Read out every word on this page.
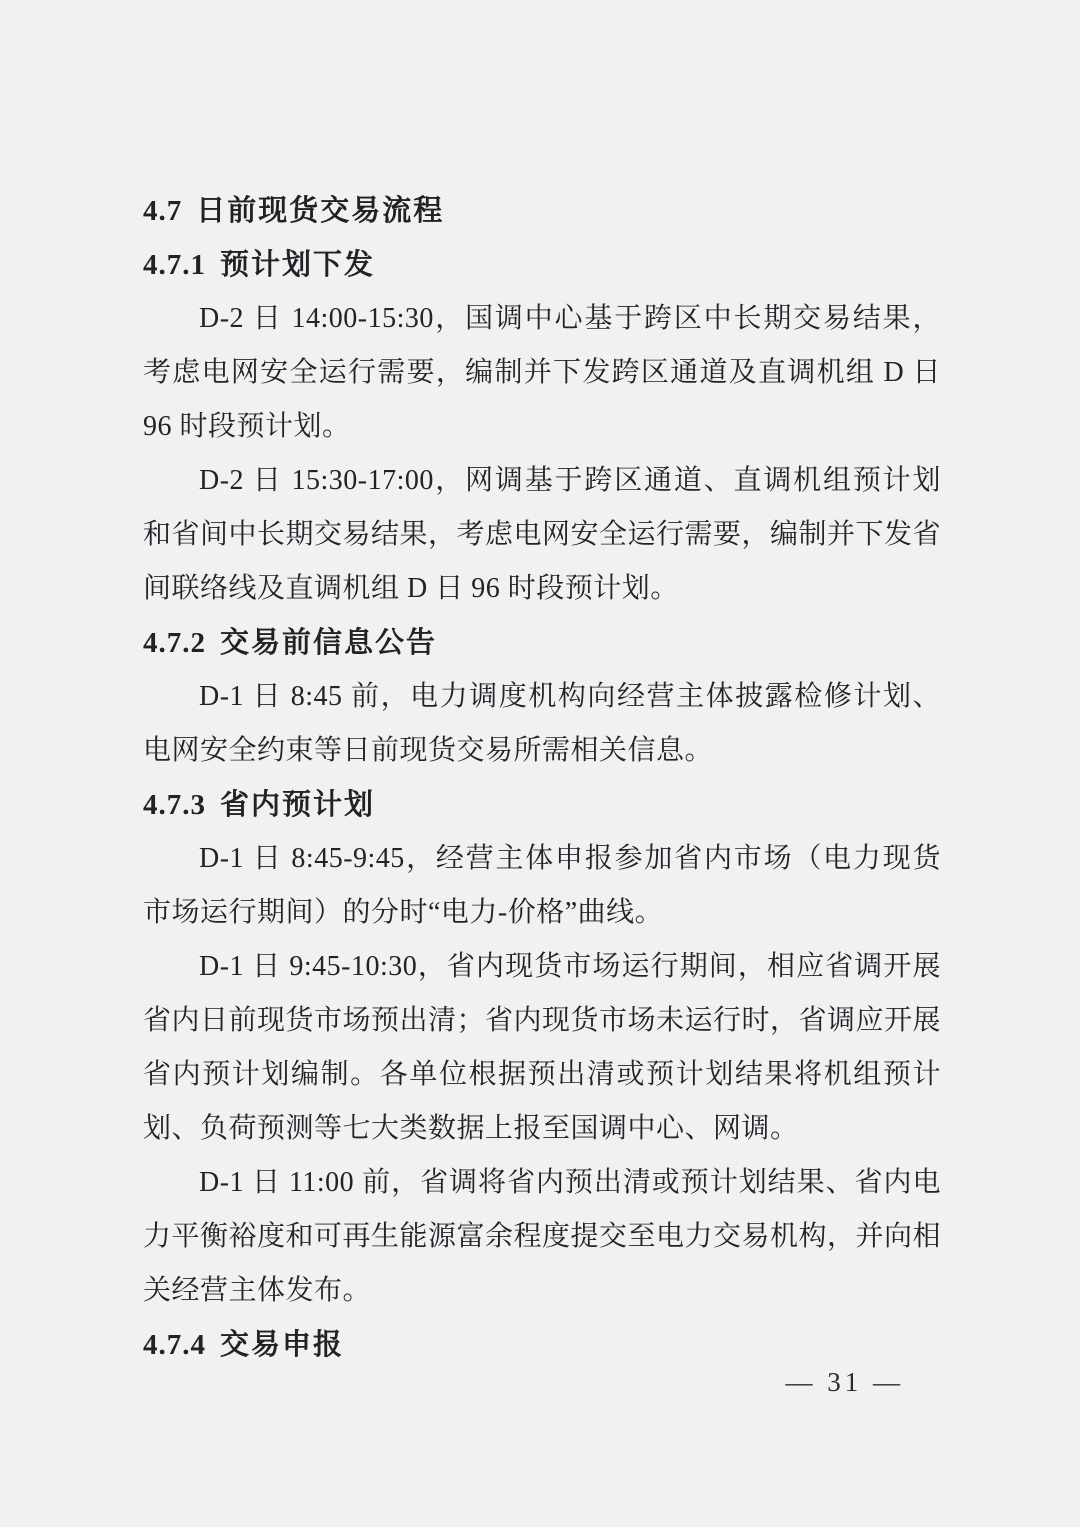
4.7 日前现货交易流程
4.7.1 预计划下发

D-2 日 14:00-15:30，国调中心基于跨区中长期交易结果，考虑电网安全运行需要，编制并下发跨区通道及直调机组 D 日 96 时段预计划。

D-2 日 15:30-17:00，网调基于跨区通道、直调机组预计划和省间中长期交易结果，考虑电网安全运行需要，编制并下发省间联络线及直调机组 D 日 96 时段预计划。

4.7.2 交易前信息公告

D-1 日 8:45 前，电力调度机构向经营主体披露检修计划、电网安全约束等日前现货交易所需相关信息。

4.7.3 省内预计划

D-1 日 8:45-9:45，经营主体申报参加省内市场（电力现货市场运行期间）的分时“电力-价格”曲线。

D-1 日 9:45-10:30，省内现货市场运行期间，相应省调开展省内日前现货市场预出清；省内现货市场未运行时，省调应开展省内预计划编制。各单位根据预出清或预计划结果将机组预计划、负荷预测等七大类数据上报至国调中心、网调。

D-1 日 11:00 前，省调将省内预出清或预计划结果、省内电力平衡裕度和可再生能源富余程度提交至电力交易机构，并向相关经营主体发布。

4.7.4 交易申报
— 31 —
